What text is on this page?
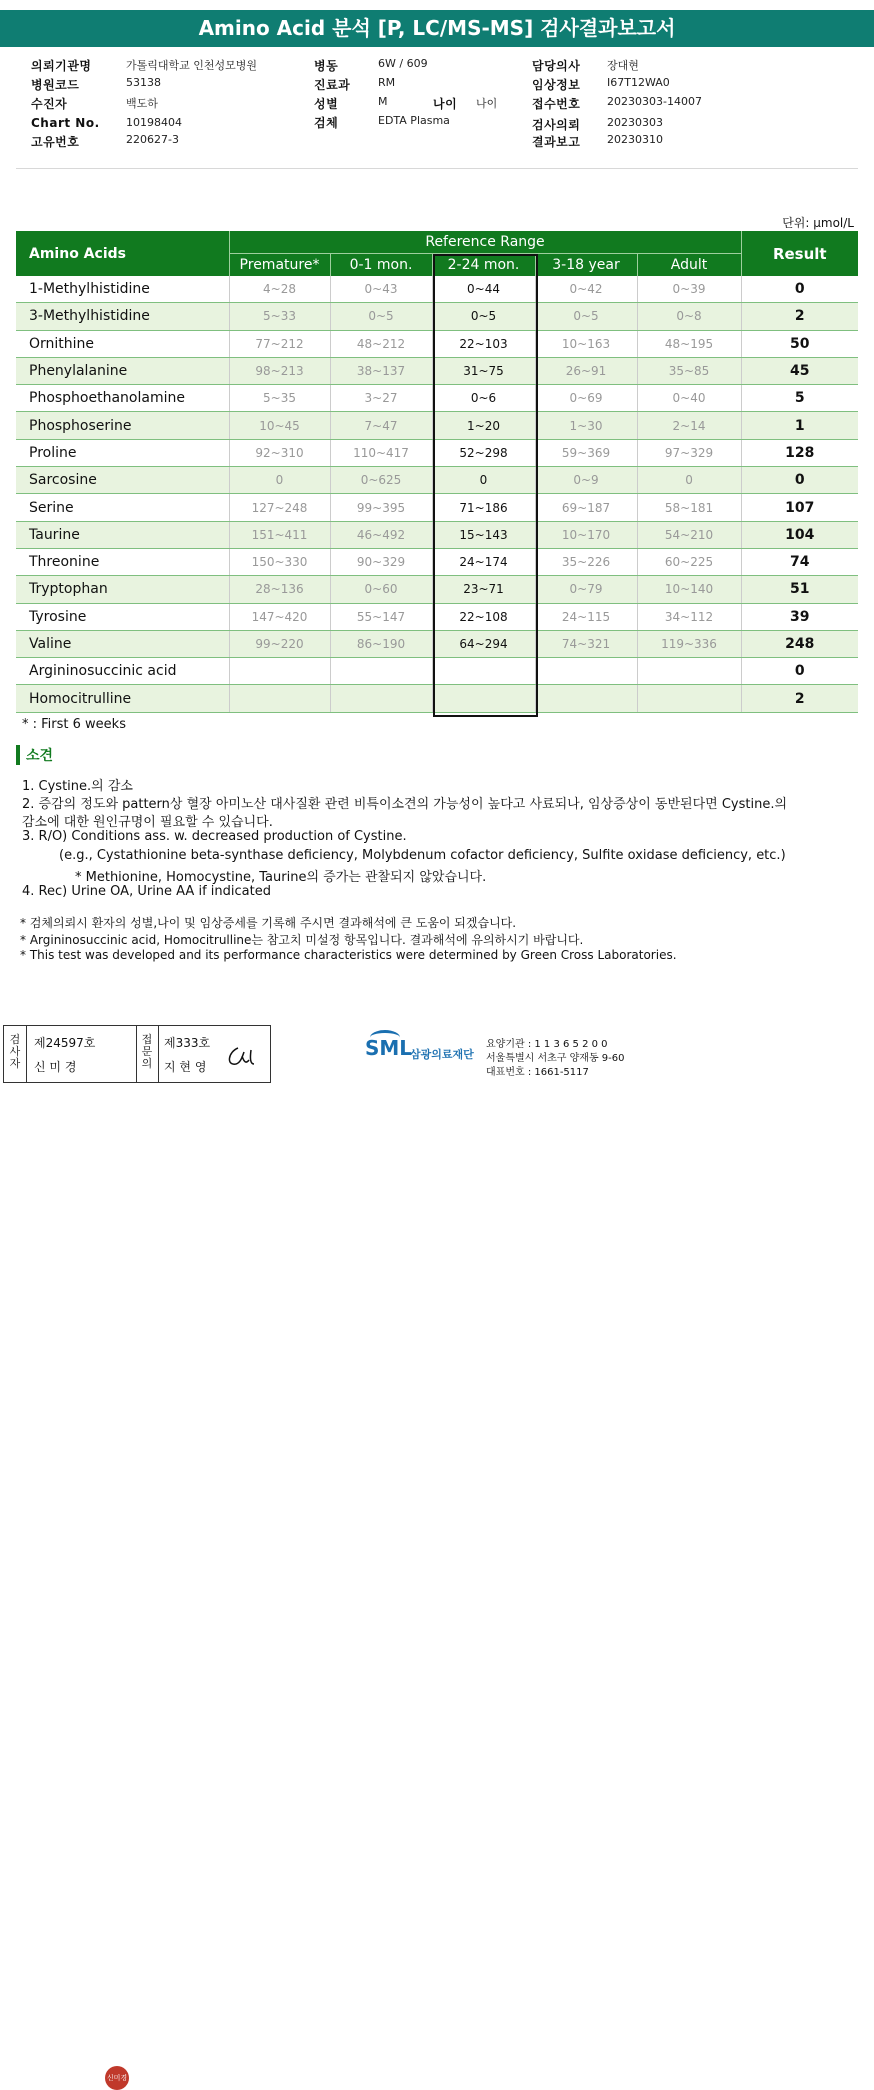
Amino Acid 분석 [P, LC/MS-MS] 검사결과보고서
의뢰기관명	가톨릭대학교 인천성모병원
병원코드	53138
수진자	백도하
Chart No. 10198404
고유번호	220627-3
병동	6W / 609
진료과	RM
성별	M	나이 나이
검체	EDTA Plasma
담당의사 장대현
임상정보 I67T12WA0
접수번호 20230303-14007
검사의뢰 20230303
결과보고 20230310
단위: µmol/L
Amino Acids	Reference Range					Result
	Premature*	0-1 mon.	2-24 mon.	3-18 year	Adult	
1-Methylhistidine	4~28	0~43	0~44	0~42	0~39	0
3-Methylhistidine	5~33	0~5	0~5	0~5	0~8	2
Ornithine	77~212	48~212	22~103	10~163	48~195	50
Phenylalanine	98~213	38~137	31~75	26~91	35~85	45
Phosphoethanolamine	5~35	3~27	0~6	0~69	0~40	5
Phosphoserine	10~45	7~47	1~20	1~30	2~14	1
Proline	92~310	110~417	52~298	59~369	97~329	128
Sarcosine	0	0~625	0	0~9	0	0
Serine	127~248	99~395	71~186	69~187	58~181	107
Taurine	151~411	46~492	15~143	10~170	54~210	104
Threonine	150~330	90~329	24~174	35~226	60~225	74
Tryptophan	28~136	0~60	23~71	0~79	10~140	51
Tyrosine	147~420	55~147	22~108	24~115	34~112	39
Valine	99~220	86~190	64~294	74~321	119~336	248
Argininosuccinic acid						0
Homocitrulline						2
* : First 6 weeks
소견
1. Cystine.의 감소
2. 증감의 정도와 pattern상 혈장 아미노산 대사질환 관련 비특이소견의 가능성이 높다고 사료되나, 임상증상이 동반된다면 Cystine.의
감소에 대한 원인규명이 필요할 수 있습니다.
3. R/O) Conditions ass. w. decreased production of Cystine.
(e.g., Cystathionine beta-synthase deficiency, Molybdenum cofactor deficiency, Sulfite oxidase deficiency, etc.)
* Methionine, Homocystine, Taurine의 증가는 관찰되지 않았습니다.
4. Rec) Urine OA, Urine AA if indicated
* 검체의뢰시 환자의 성별,나이 및 임상증세를 기록해 주시면 결과해석에 큰 도움이 되겠습니다.
* Argininosuccinic acid, Homocitrulline는 참고치 미설정 항목입니다. 결과해석에 유의하시기 바랍니다.
* This test was developed and its performance characteristics were determined by Green Cross Laboratories.
검사자
제24597호
신 미 경
신미경
접문의
제333호
지 현 영
SML
삼광의료재단
요양기관 : 1 1 3 6 5 2 0 0
서울특별시 서초구 양재동 9-60
대표번호 : 1661-5117
